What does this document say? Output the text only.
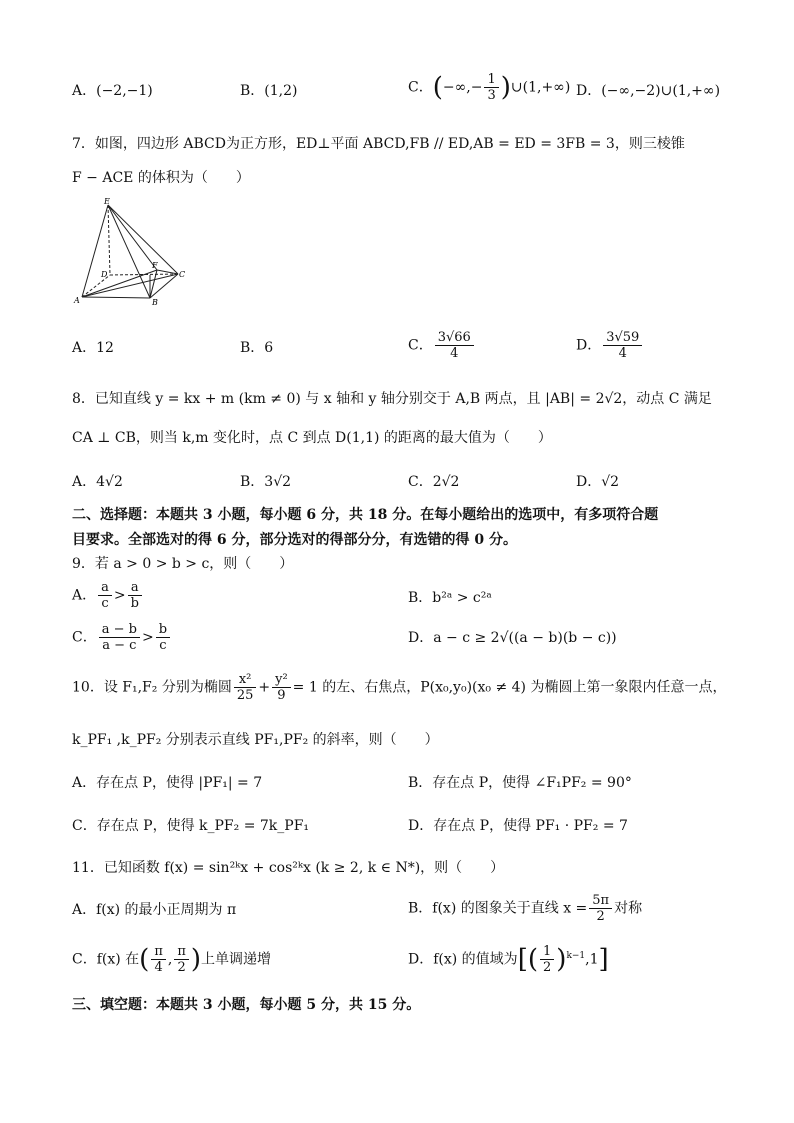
A．(−2,−1)	B．(1,2)	C．(−∞,− $\frac{1}{3}$ )∪(1,+∞) D．(−∞,−2)∪(1,+∞)
7．如图，四边形 ABCD为正方形，ED⊥平面 ABCD,FB // ED,AB = ED = 3FB = 3，则三棱锥
F − ACE 的体积为（　　）
E
D
F
C
A	B
A．12	B．6	C． $\frac{3√66}{4}$	D． $\frac{3√59}{4}$
8．已知直线 y = kx + m (km ≠ 0) 与 x 轴和 y 轴分别交于 A,B 两点，且 |AB| = 2√2，动点 C 满足
CA ⊥ CB，则当 k,m 变化时，点 C 到点 D(1,1) 的距离的最大值为（　　）
A．4√2	B．3√2	C．2√2	D．√2
二、选择题：本题共 3 小题，每小题 6 分，共 18 分。在每小题给出的选项中，有多项符合题
目要求。全部选对的得 6 分，部分选对的得部分分，有选错的得 0 分。
9．若 a > 0 > b > c，则（　　）
A． $\frac{a}{c} > \frac{a}{b}$	B．b²ᵃ > c²ᵃ
C． $\frac{a - b}{a - c} > \frac{b}{c}$	D．a − c ≥ 2√((a − b)(b − c))
10．设 F₁,F₂ 分别为椭圆 $\frac{\text{x²}}{25} + \frac{\text{y²}}{9} = 1$ 的左、右焦点，P(x₀,y₀)(x₀ ≠ 4) 为椭圆上第一象限内任意一点，
k_PF₁ ,k_PF₂ 分别表示直线 PF₁,PF₂ 的斜率，则（　　）
A．存在点 P，使得 |PF₁| = 7	B．存在点 P，使得 ∠F₁PF₂ = 90°
C．存在点 P，使得 k_PF₂ = 7k_PF₁	D．存在点 P，使得 PF₁ · PF₂ = 7
11．已知函数 f(x) = sin²ᵏx + cos²ᵏx (k ≥ 2, k ∈ N*)，则（　　）
A．f(x) 的最小正周期为 π	B．f(x) 的图象关于直线 $x = \frac{5\pi}{2}$ 对称
C．f(x) 在( $\frac{\pi}{4}$ , $\frac{\pi}{2}$ )上单调递增	D．f(x) 的值域为[( $\frac{1}{2} )^{k-1},1$]
三、填空题：本题共 3 小题，每小题 5 分，共 15 分。
